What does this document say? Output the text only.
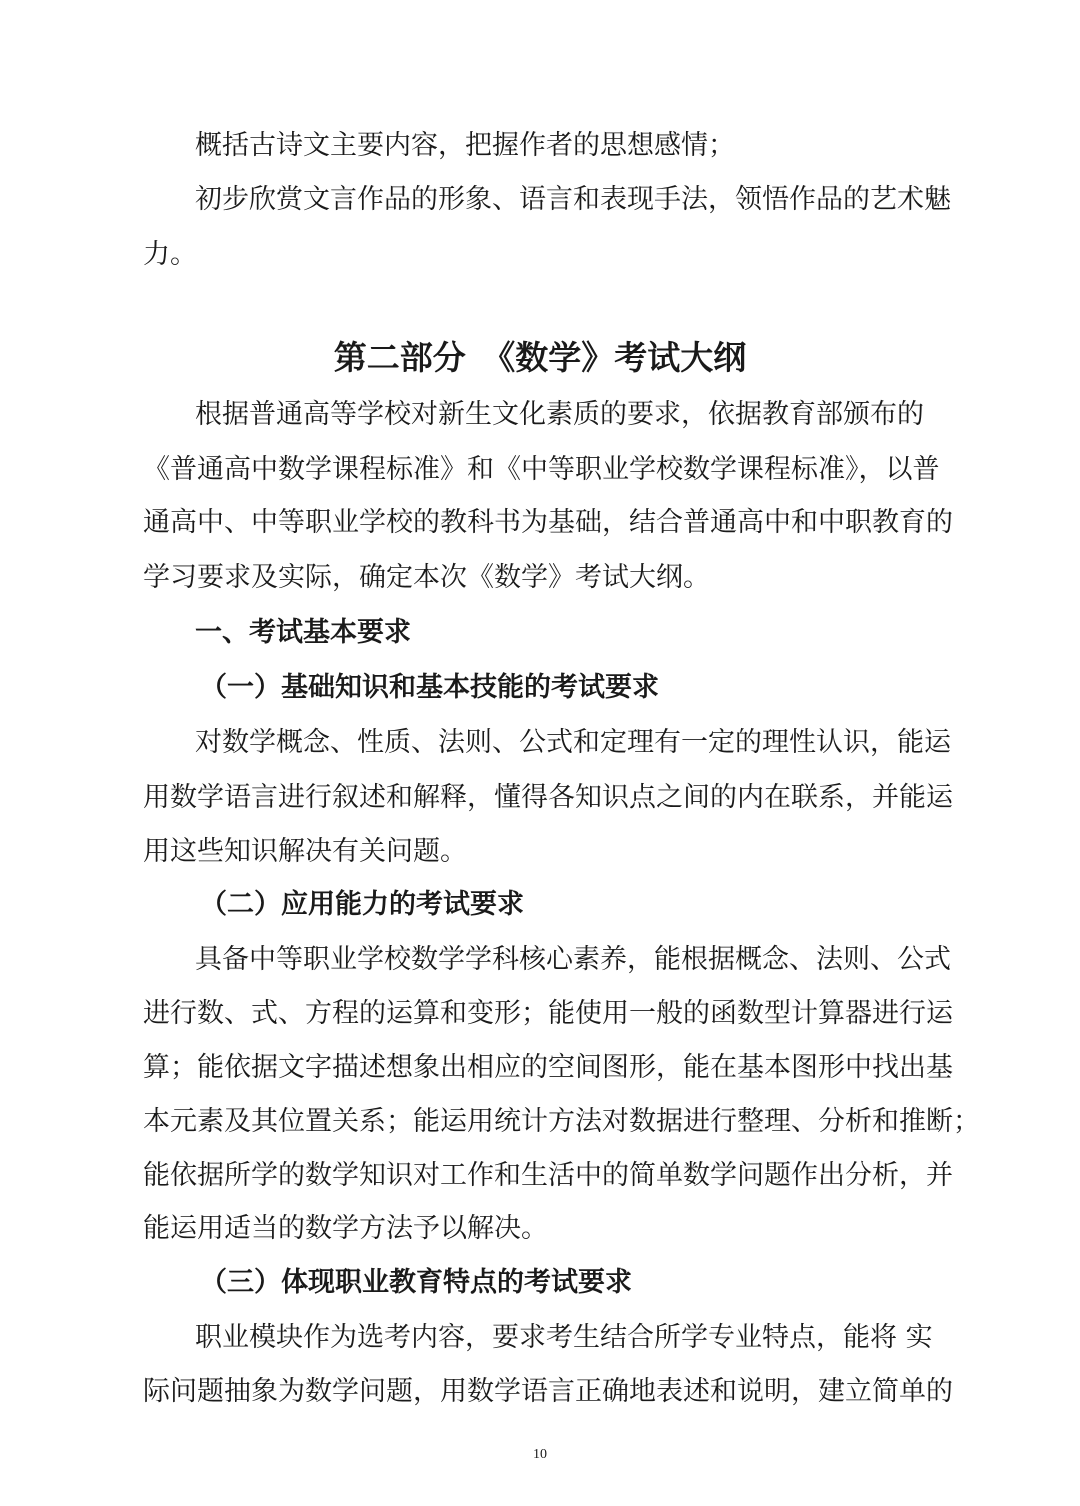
概括古诗文主要内容，把握作者的思想感情；
初步欣赏文言作品的形象、语言和表现手法，领悟作品的艺术魅
力。
第二部分　《数学》考试大纲
根据普通高等学校对新生文化素质的要求，依据教育部颁布的
《普通高中数学课程标准》和《中等职业学校数学课程标准》，以普
通高中、中等职业学校的教科书为基础，结合普通高中和中职教育的
学习要求及实际，确定本次《数学》考试大纲。
一、考试基本要求
（一）基础知识和基本技能的考试要求
对数学概念、性质、法则、公式和定理有一定的理性认识，能运
用数学语言进行叙述和解释，懂得各知识点之间的内在联系，并能运
用这些知识解决有关问题。
（二）应用能力的考试要求
具备中等职业学校数学学科核心素养，能根据概念、法则、公式
进行数、式、方程的运算和变形；能使用一般的函数型计算器进行运
算；能依据文字描述想象出相应的空间图形，能在基本图形中找出基
本元素及其位置关系；能运用统计方法对数据进行整理、分析和推断；
能依据所学的数学知识对工作和生活中的简单数学问题作出分析，并
能运用适当的数学方法予以解决。
（三）体现职业教育特点的考试要求
职业模块作为选考内容，要求考生结合所学专业特点，能将 实
际问题抽象为数学问题，用数学语言正确地表述和说明，建立简单的
10
